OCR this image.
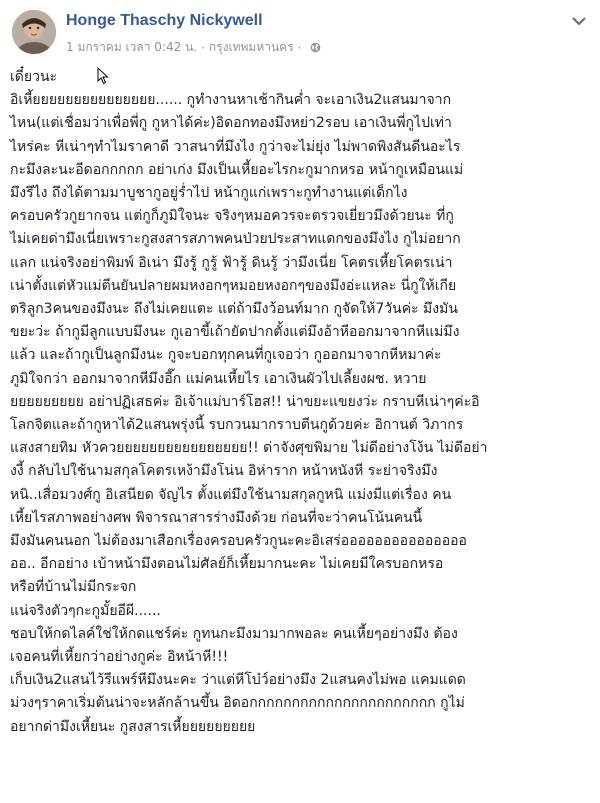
Honge Thaschy Nickywell
1 มกราคม เวลา 0:42 น. · กรุงเทพมหานคร ·

เดี๋ยวนะ

อิเหี้ยยยยยยยยยยยยยยย...... กูทำงานหาเช้ากินค่ำ จะเอาเงิน2แสนมาจาก

ไหน(แต่เชื่อมว่าเพื่อพี่กู กูหาได้ค่ะ)อิดอกทองมึงหย่า2รอบ เอาเงินพี่กูไปเท่า

ไหร่คะ หีเน่าๆทำไมราคาดี วาสนาที่มึงไง กูว่าจะไม่ยุ่ง ไม่พาดพิงสันดีนอะไร

กะมึงละนะอีดอกกกกก อย่าเก่ง มึงเป็นเหี้ยอะไรกะกูมากหรอ หน้ากูเหมือนแม่

มึงรึไง ถึงได้ตามมาบูชากูอยู่ร่ำไป หน้ากูแก่เพราะกูทำงานแต่เด็กไง

ครอบครัวกูยากจน แต่กูก็ภูมิใจนะ จริงๆหมอควรจะตรวจเยี่ยวมึงด้วยนะ ที่กู

ไม่เคยด่ามึงเนี่ยเพราะกูสงสารสภาพคนป่วยประสาทแดกของมึงไง กูไม่อยาก

แลก แน่จริงอย่าพิมพ์ อิเน่า มึงรู้ กูรู้ ฟ้ารู้ ดินรู้ ว่ามึงเนี่ย โคตรเหี้ยโคตรเน่า

เน่าตั้งแต่หัวแม่ตีนยันปลายผมหงอกๆหมอยหงอกๆของมึงอ่ะแหละ นี่กูให้เกีย

ตริลูก3คนของมึงนะ ถึงไม่เคยแตะ แต่ถ้ามึงว้อนท์มาก กูจัดให้7วันค่ะ มึงมัน

ขยะว่ะ ถ้ากูมีลูกแบบมึงนะ กูเอาขี้เถ้ายัดปากตั้งแต่มึงอ้าหีออกมาจากหีแม่มึง

แล้ว และถ้ากูเป็นลูกมึงนะ กูจะบอกทุกคนที่กูเจอว่า กูออกมาจากหีหมาค่ะ

ภูมิใจกว่า ออกมาจากหีมึงอี๊ก แม่คนเหี้ยไร เอาเงินผัวไปเลี้ยงผช. หวาย

ยยยยยยยยย อย่าปฏิเสธค่ะ อิเจ้าแม่บาร์โฮส!! น่าขยะแขยงว่ะ กราบหีเน่าๆค่ะอิ

โลกจิตและถ้ากูหาได้2แสนพรุ่งนี้ รบกวนมากราบตีนกูด้วยค่ะ อิกานต์ วิภากร

แสงสายทิม หัวควยยยยยยยยยยยยยยยย!! ด่าจังศุขพิมาย ไม่ดีอย่างโง้น ไม่ดีอย่า

งงี้ กลับไปใช้นามสกุลโคตรเหง้ามึงโน่น อิห่าราก หน้าหนังหี ระย่าจริงมึง

หนิ..เสื่อมวงศ์กู อิเสนียด จัญไร ตั้งแต่มึงใช้นามสกุลกูหนิ แม่งมีแต่เรื่อง คน

เหี้ยไรสภาพอย่างศพ พิจารณาสารร่างมึงด้วย ก่อนที่จะว่าคนโน้นคนนี้

มึงมันคนนอก ไม่ต้องมาเสือกเรื่องครอบครัวกูนะคะอิเสร่อออออออออออออออ

ออ.. อีกอย่าง เบ้าหน้ามึงตอนไม่ศัลย์ก็เหี้ยมากนะคะ ไม่เคยมีใครบอกหรอ

หรือที่บ้านไม่มีกระจก

แน่จริงตัวๆกะกูมั้ยอีผี......

ชอบให้กดไลค์ใช่ให้กดแชร์ค่ะ กูทนกะมึงมามากพอละ คนเหี้ยๆอย่างมึง ต้อง

เจอคนที่เหี้ยกว่าอย่างกูค่ะ อิหน้าหี!!!

เก็บเงิน2แสนไว้รีแพร์หีมึงนะคะ ว่าแต่หีโบ๋ว์อย่างมึง 2แสนคงไม่พอ แคมแดด

ม่วงๆราคาเริ่มต้นน่าจะหลักล้านขึ้น อิดอกกกกกกกกกกกกกกกกกกกกกก กูไม่

อยากด่ามึงเหี้ยนะ กูสงสารเหี้ยยยยยยยยย
